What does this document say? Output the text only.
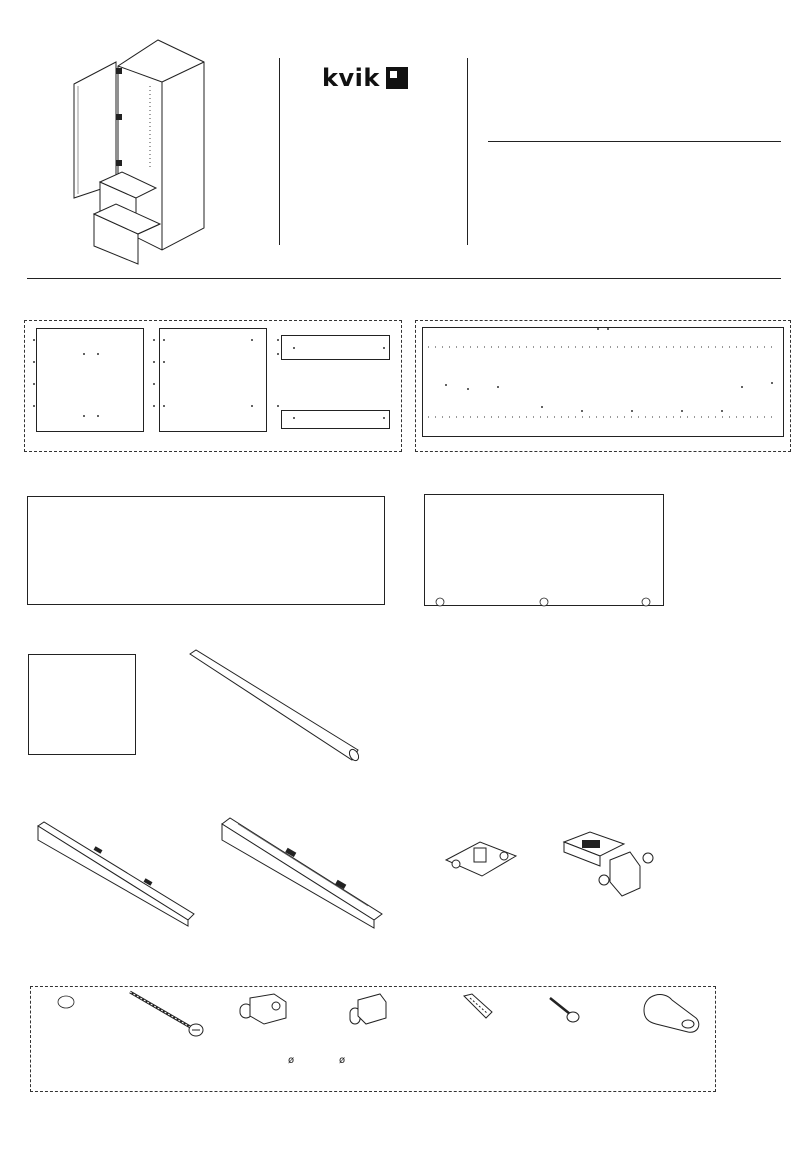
kvik
ø	ø
